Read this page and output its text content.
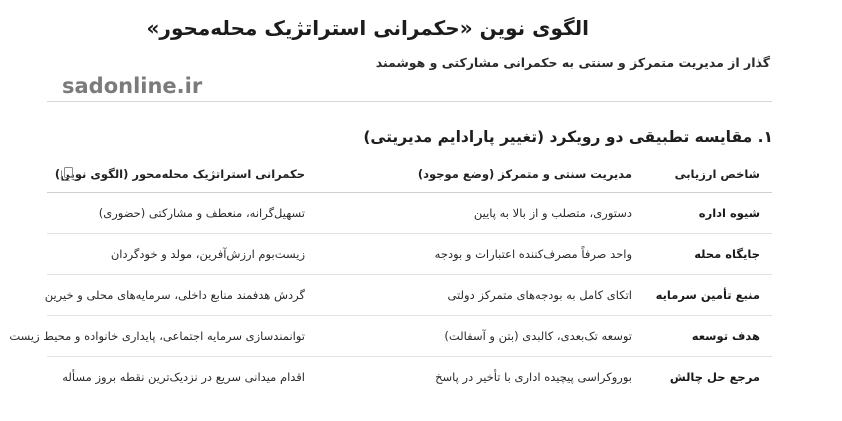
الگوی نوین «حکمرانی استراتژیک محله‌محور»
گذار از مدیریت متمرکز و سنتی به حکمرانی مشارکتی و هوشمند
sadonline.ir
۱. مقایسه تطبیقی دو رویکرد (تغییر پارادایم مدیریتی)
شاخص ارزیابی
مدیریت سنتی و متمرکز (وضع موجود)
حکمرانی استراتژیک محله‌محور (الگوی نوین)
شیوه اداره
دستوری، متصلب و از بالا به پایین
تسهیل‌گرانه، منعطف و مشارکتی (حضوری)
جایگاه محله
واحد صرفاً مصرف‌کننده اعتبارات و بودجه
زیست‌بوم ارزش‌آفرین، مولد و خودگردان
منبع تأمین سرمایه
اتکای کامل به بودجه‌های متمرکز دولتی
گردش هدفمند منابع داخلی، سرمایه‌های محلی و خیرین
هدف توسعه
توسعه تک‌بعدی، کالبدی (بتن و آسفالت)
توانمندسازی سرمایه اجتماعی، پایداری خانواده و محیط زیست
مرجع حل چالش
بوروکراسی پیچیده اداری با تأخیر در پاسخ
اقدام میدانی سریع در نزدیک‌ترین نقطه بروز مسأله
